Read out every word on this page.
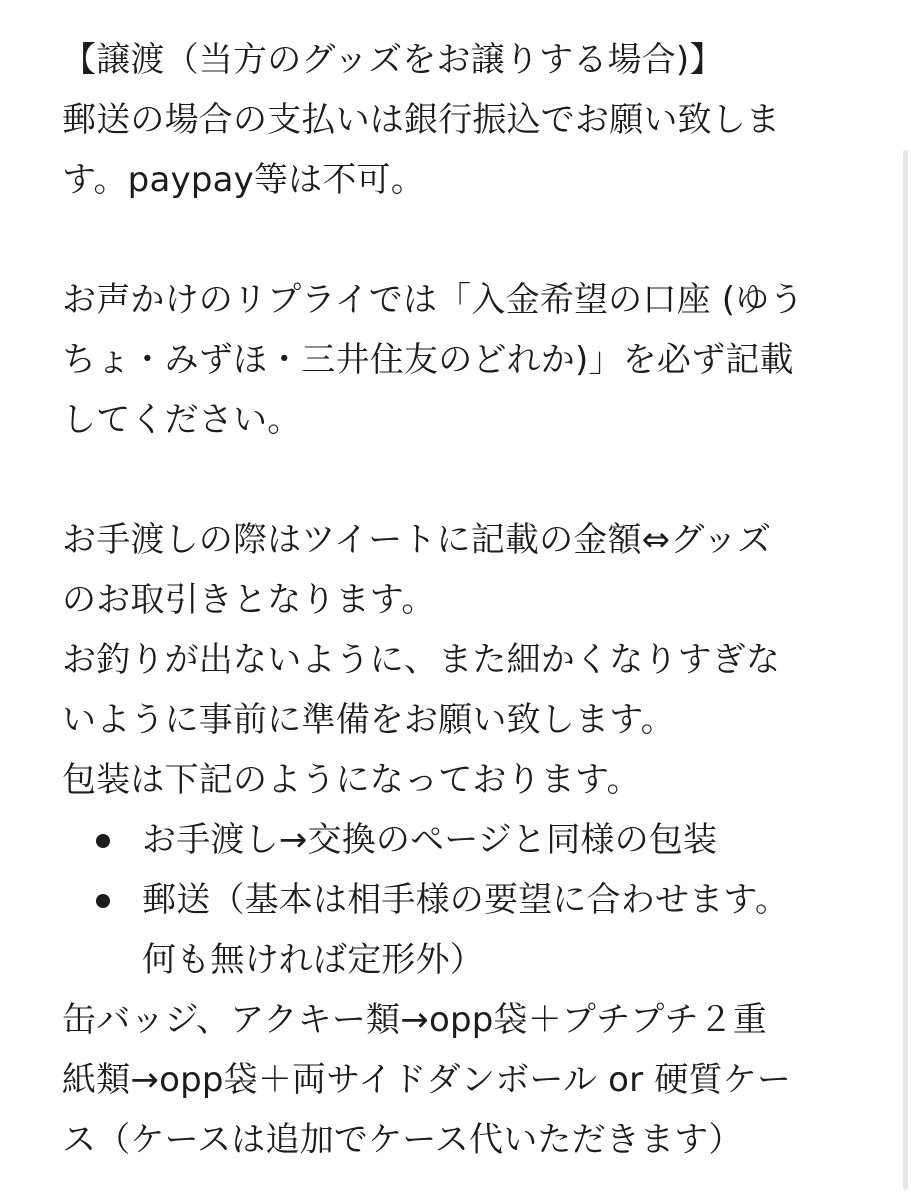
【譲渡（当方のグッズをお譲りする場合)】
郵送の場合の支払いは銀行振込でお願い致しま
す。paypay等は不可。
お声かけのリプライでは「入金希望の口座 (ゆう
ちょ・みずほ・三井住友のどれか)」を必ず記載
してください。
お手渡しの際はツイートに記載の金額⇔グッズ
のお取引きとなります。
お釣りが出ないように、また細かくなりすぎな
いように事前に準備をお願い致します。
包装は下記のようになっております。
お手渡し→交換のページと同様の包装
郵送（基本は相手様の要望に合わせます。
何も無ければ定形外）
缶バッジ、アクキー類→opp袋＋プチプチ２重
紙類→opp袋＋両サイドダンボール or 硬質ケー
ス（ケースは追加でケース代いただきます）
